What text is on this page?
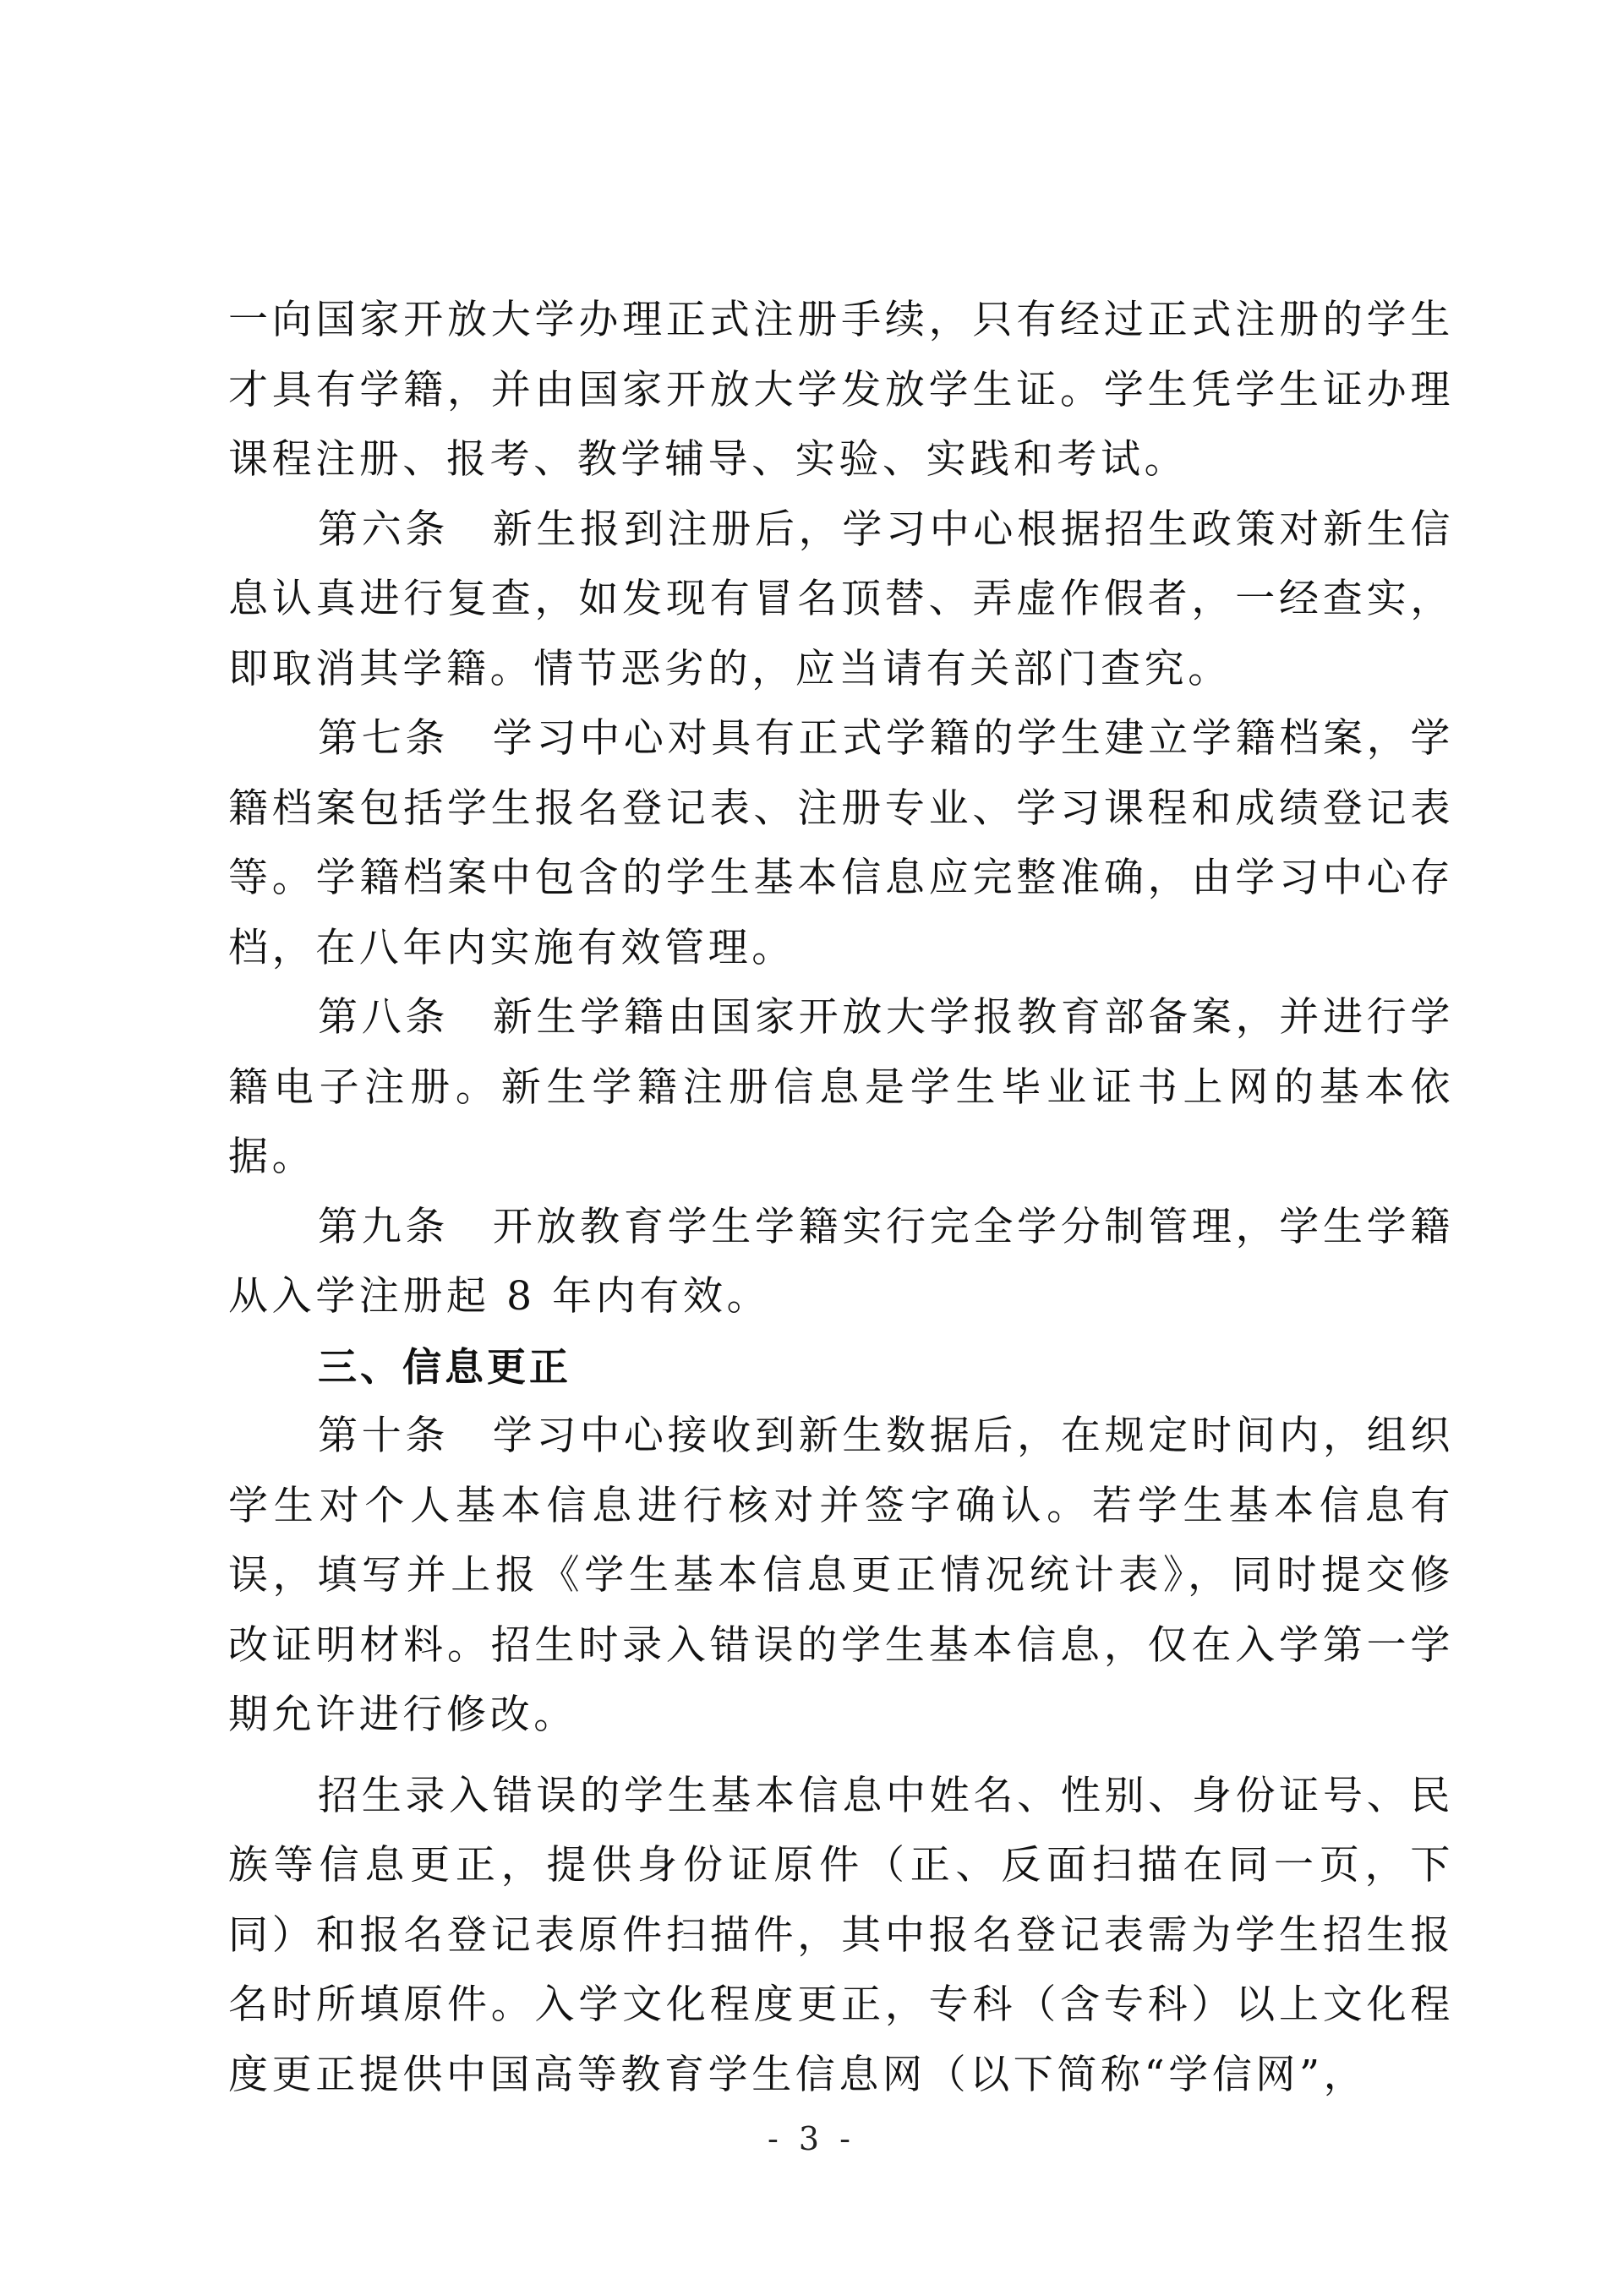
一向国家开放大学办理正式注册手续，只有经过正式注册的学生才具有学籍，并由国家开放大学发放学生证。学生凭学生证办理课程注册、报考、教学辅导、实验、实践和考试。

第六条　新生报到注册后，学习中心根据招生政策对新生信息认真进行复查，如发现有冒名顶替、弄虚作假者，一经查实，即取消其学籍。情节恶劣的，应当请有关部门查究。

第七条　学习中心对具有正式学籍的学生建立学籍档案，学籍档案包括学生报名登记表、注册专业、学习课程和成绩登记表等。学籍档案中包含的学生基本信息应完整准确，由学习中心存档，在八年内实施有效管理。

第八条　新生学籍由国家开放大学报教育部备案，并进行学籍电子注册。新生学籍注册信息是学生毕业证书上网的基本依据。

第九条　开放教育学生学籍实行完全学分制管理，学生学籍从入学注册起 8 年内有效。

三、信息更正

第十条　学习中心接收到新生数据后，在规定时间内，组织学生对个人基本信息进行核对并签字确认。若学生基本信息有误，填写并上报《学生基本信息更正情况统计表》，同时提交修改证明材料。招生时录入错误的学生基本信息，仅在入学第一学期允许进行修改。

招生录入错误的学生基本信息中姓名、性别、身份证号、民族等信息更正，提供身份证原件（正、反面扫描在同一页，下同）和报名登记表原件扫描件，其中报名登记表需为学生招生报名时所填原件。入学文化程度更正，专科（含专科）以上文化程度更正提供中国高等教育学生信息网（以下简称“学信网”，

- 3 -
